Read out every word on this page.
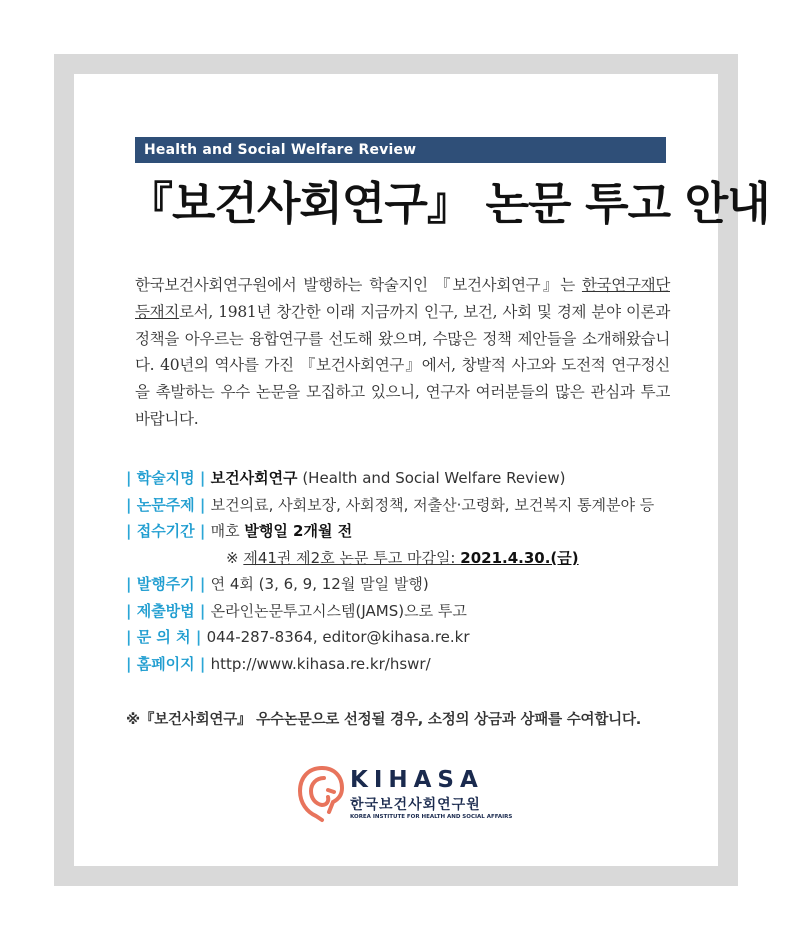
Health and Social Welfare Review
『보건사회연구』 논문 투고 안내
한국보건사회연구원에서 발행하는 학술지인 『보건사회연구』는 한국연구재단 등재지로서, 1981년 창간한 이래 지금까지 인구, 보건, 사회 및 경제 분야 이론과 정책을 아우르는 융합연구를 선도해 왔으며, 수많은 정책 제안들을 소개해왔습니다. 40년의 역사를 가진 『보건사회연구』에서, 창발적 사고와 도전적 연구정신을 촉발하는 우수 논문을 모집하고 있으니, 연구자 여러분들의 많은 관심과 투고 바랍니다.
| 학술지명 | 보건사회연구 (Health and Social Welfare Review)
| 논문주제 | 보건의료, 사회보장, 사회정책, 저출산·고령화, 보건복지 통계분야 등
| 접수기간 | 매호 발행일 2개월 전
※ 제41권 제2호 논문 투고 마감일: 2021.4.30.(금)
| 발행주기 | 연 4회 (3, 6, 9, 12월 말일 발행)
| 제출방법 | 온라인논문투고시스템(JAMS)으로 투고
| 문 의 처 | 044-287-8364, editor@kihasa.re.kr
| 홈페이지 | http://www.kihasa.re.kr/hswr/
※『보건사회연구』 우수논문으로 선정될 경우, 소정의 상금과 상패를 수여합니다.
KIHASA
한국보건사회연구원
KOREA INSTITUTE FOR HEALTH AND SOCIAL AFFAIRS
